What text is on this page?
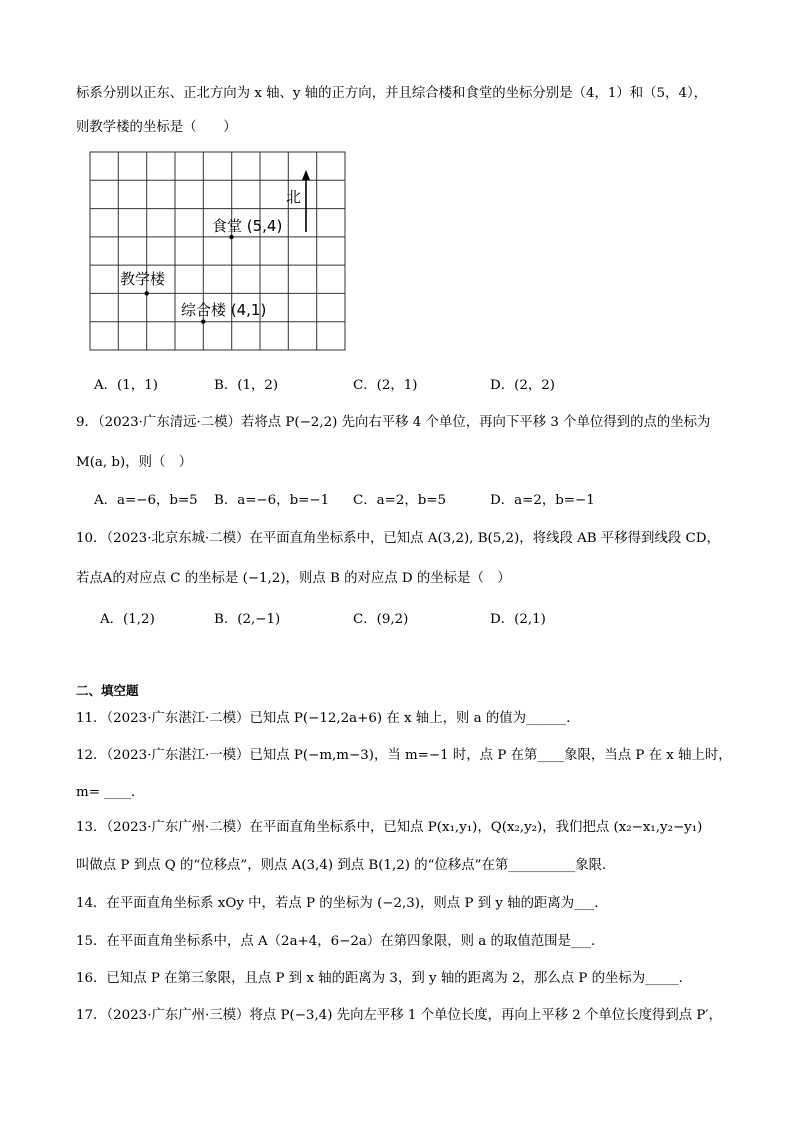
标系分别以正东、正北方向为 x 轴、y 轴的正方向，并且综合楼和食堂的坐标分别是（4，1）和（5，4），
则教学楼的坐标是（　　）
北
食堂 (5,4)
教学楼
综合楼 (4,1)
A．(1，1)	B．(1，2)	C．(2，1)	D．(2，2)
9．（2023·广东清远·二模）若将点 P(−2,2) 先向右平移 4 个单位，再向下平移 3 个单位得到的点的坐标为
M(a, b)，则（　）
A．a=−6，b=5 B．a=−6，b=−1 C．a=2，b=5	D．a=2，b=−1
10．（2023·北京东城·二模）在平面直角坐标系中，已知点 A(3,2), B(5,2)，将线段 AB 平移得到线段 CD，
若点A的对应点 C 的坐标是 (−1,2)，则点 B 的对应点 D 的坐标是（　）
A．(1,2)	B．(2,−1)	C．(9,2)	D．(2,1)
二、填空题
11．（2023·广东湛江·二模）已知点 P(−12,2a+6) 在 x 轴上，则 a 的值为______．
12．（2023·广东湛江·一模）已知点 P(−m,m−3)，当 m=−1 时，点 P 在第____象限，当点 P 在 x 轴上时，
m= ____．
13．（2023·广东广州·二模）在平面直角坐标系中，已知点 P(x₁,y₁)，Q(x₂,y₂)，我们把点 (x₂−x₁,y₂−y₁)
叫做点 P 到点 Q 的“位移点”，则点 A(3,4) 到点 B(1,2) 的“位移点”在第__________象限．
14．在平面直角坐标系 xOy 中，若点 P 的坐标为 (−2,3)，则点 P 到 y 轴的距离为___．
15．在平面直角坐标系中，点 A（2a+4，6−2a）在第四象限，则 a 的取值范围是___．
16．已知点 P 在第三象限，且点 P 到 x 轴的距离为 3，到 y 轴的距离为 2，那么点 P 的坐标为_____．
17．（2023·广东广州·三模）将点 P(−3,4) 先向左平移 1 个单位长度，再向上平移 2 个单位长度得到点 P′，
